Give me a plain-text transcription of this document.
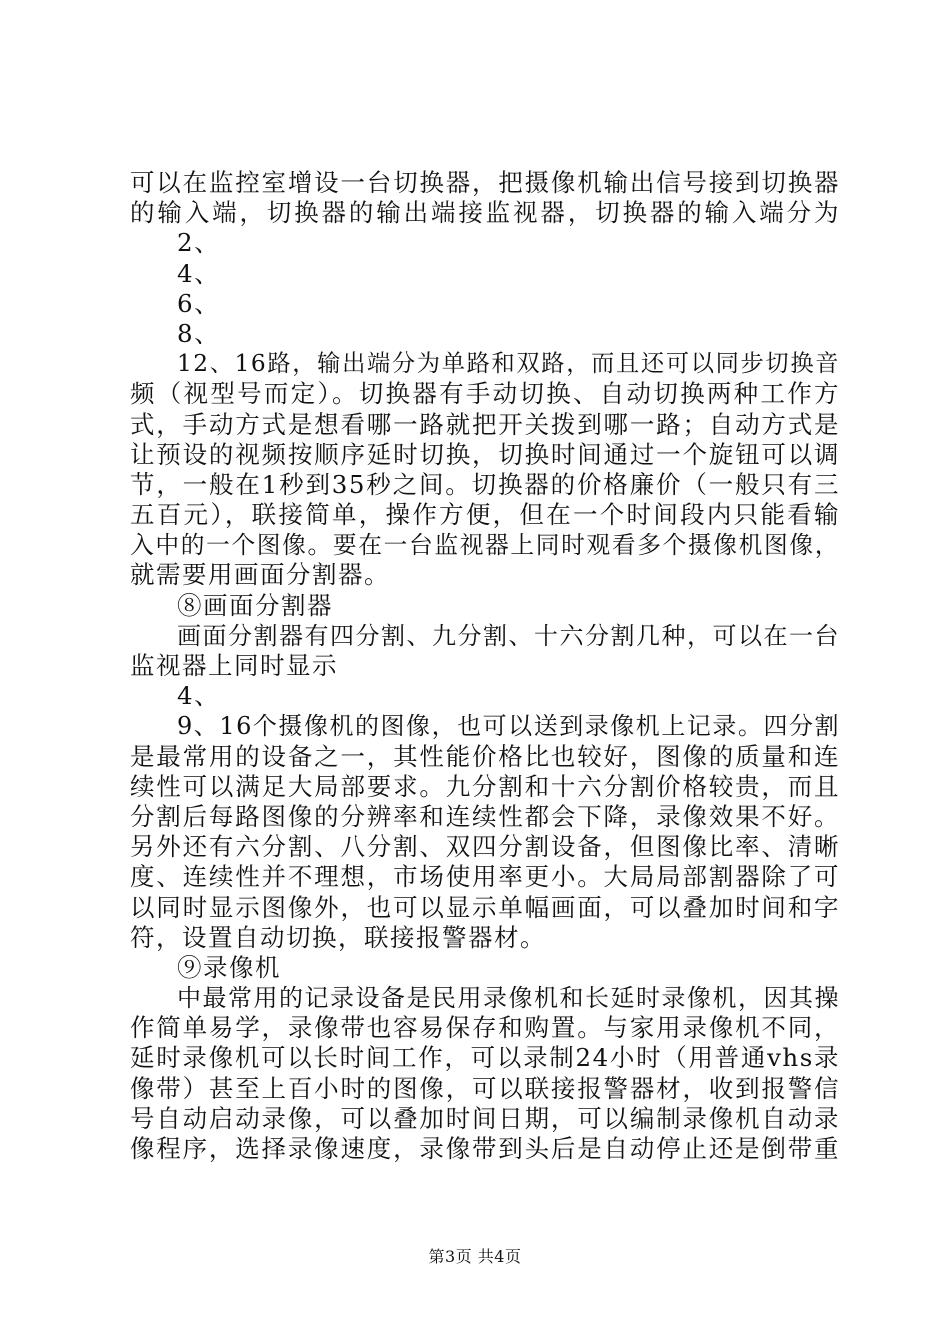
可以在监控室增设一台切换器，把摄像机输出信号接到切换器
的输入端，切换器的输出端接监视器，切换器的输入端分为
2、
4、
6、
8、
12、16路，输出端分为单路和双路，而且还可以同步切换音
频（视型号而定）。切换器有手动切换、自动切换两种工作方
式，手动方式是想看哪一路就把开关拨到哪一路；自动方式是
让预设的视频按顺序延时切换，切换时间通过一个旋钮可以调
节，一般在1秒到35秒之间。切换器的价格廉价（一般只有三
五百元），联接简单，操作方便，但在一个时间段内只能看输
入中的一个图像。要在一台监视器上同时观看多个摄像机图像，
就需要用画面分割器。
⑧画面分割器
画面分割器有四分割、九分割、十六分割几种，可以在一台
监视器上同时显示
4、
9、16个摄像机的图像，也可以送到录像机上记录。四分割
是最常用的设备之一，其性能价格比也较好，图像的质量和连
续性可以满足大局部要求。九分割和十六分割价格较贵，而且
分割后每路图像的分辨率和连续性都会下降，录像效果不好。
另外还有六分割、八分割、双四分割设备，但图像比率、清晰
度、连续性并不理想，市场使用率更小。大局局部割器除了可
以同时显示图像外，也可以显示单幅画面，可以叠加时间和字
符，设置自动切换，联接报警器材。
⑨录像机
中最常用的记录设备是民用录像机和长延时录像机，因其操
作简单易学，录像带也容易保存和购置。与家用录像机不同，
延时录像机可以长时间工作，可以录制24小时（用普通vhs录
像带）甚至上百小时的图像，可以联接报警器材，收到报警信
号自动启动录像，可以叠加时间日期，可以编制录像机自动录
像程序，选择录像速度，录像带到头后是自动停止还是倒带重
第3页 共4页
